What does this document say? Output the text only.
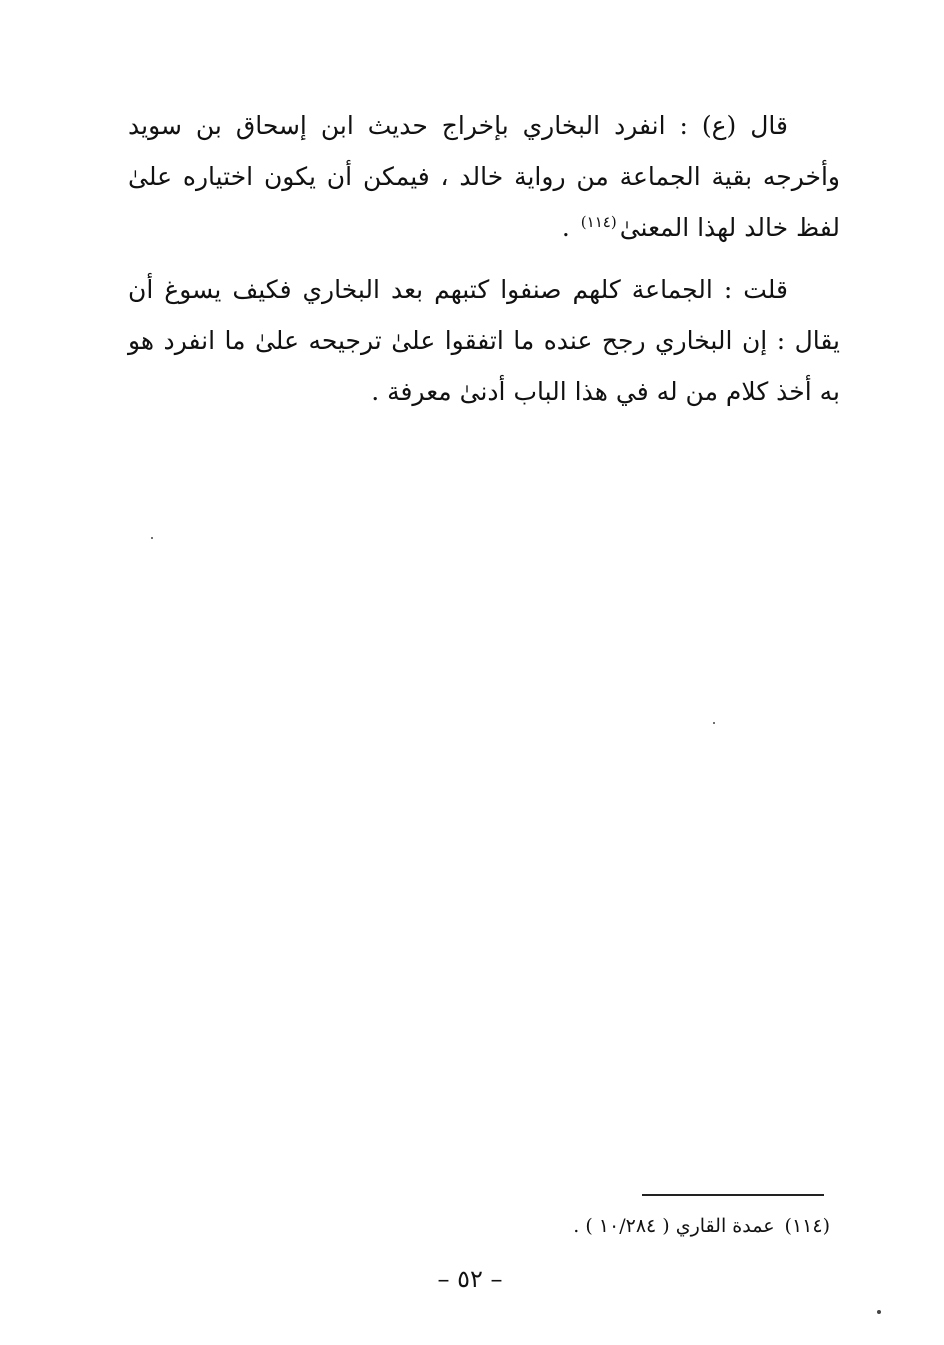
قال (ع) : انفرد البخاري بإخراج حديث ابن إسحاق بن سويد وأخرجه بقية الجماعة من رواية خالد ، فيمكن أن يكون اختياره علىٰ لفظ خالد لهذا المعنىٰ$^{(١١٤)}$ .

قلت : الجماعة كلهم صنفوا كتبهم بعد البخاري فكيف يسوغ أن يقال : إن البخاري رجح عنده ما اتفقوا علىٰ ترجيحه علىٰ ما انفرد هو به أخذ كلام من له في هذا الباب أدنىٰ معرفة .

(١١٤)عمدة القاري ( ١٠/٢٨٤ ) .
– ٥٢ –
